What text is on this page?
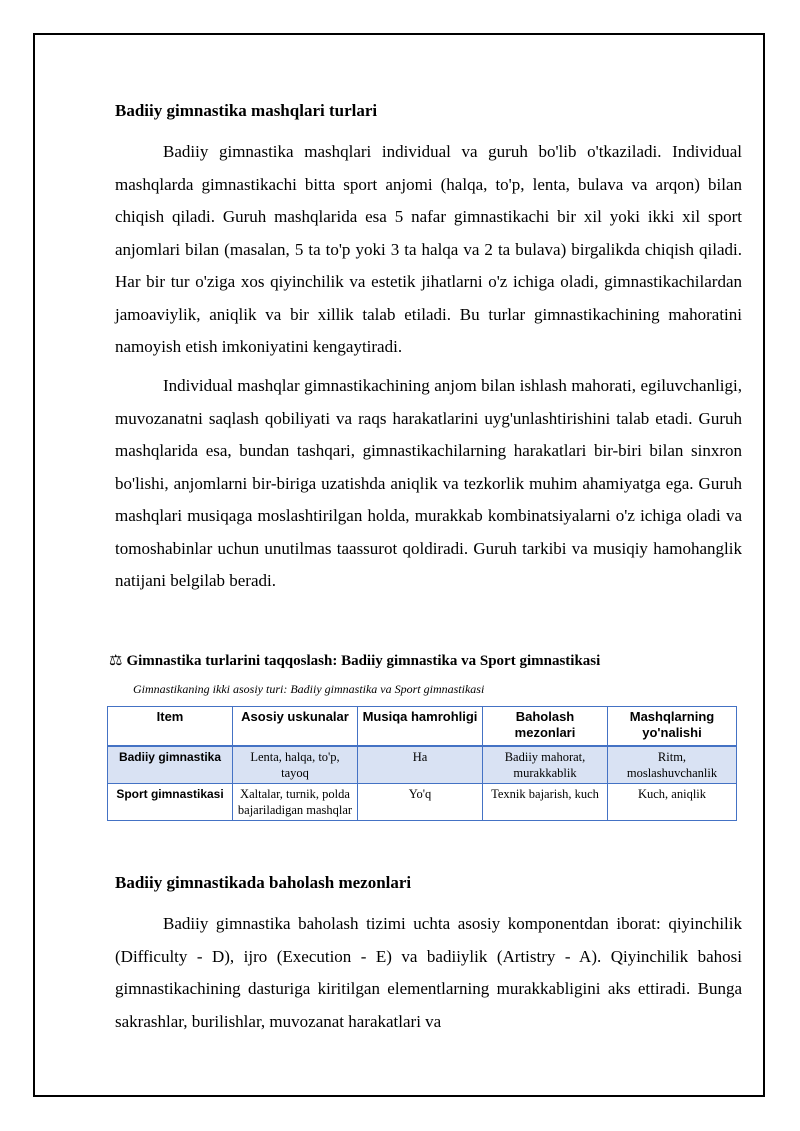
Badiiy gimnastika mashqlari turlari

Badiiy gimnastika mashqlari individual va guruh bo'lib o'tkaziladi. Individual mashqlarda gimnastikachi bitta sport anjomi (halqa, to'p, lenta, bulava va arqon) bilan chiqish qiladi. Guruh mashqlarida esa 5 nafar gimnastikachi bir xil yoki ikki xil sport anjomlari bilan (masalan, 5 ta to'p yoki 3 ta halqa va 2 ta bulava) birgalikda chiqish qiladi. Har bir tur o'ziga xos qiyinchilik va estetik jihatlarni o'z ichiga oladi, gimnastikachilardan jamoaviylik, aniqlik va bir xillik talab etiladi. Bu turlar gimnastikachining mahoratini namoyish etish imkoniyatini kengaytiradi.

Individual mashqlar gimnastikachining anjom bilan ishlash mahorati, egiluvchanligi, muvozanatni saqlash qobiliyati va raqs harakatlarini uyg'unlashtirishini talab etadi. Guruh mashqlarida esa, bundan tashqari, gimnastikachilarning harakatlari bir-biri bilan sinxron bo'lishi, anjomlarni bir-biriga uzatishda aniqlik va tezkorlik muhim ahamiyatga ega. Guruh mashqlari musiqaga moslashtirilgan holda, murakkab kombinatsiyalarni o'z ichiga oladi va tomoshabinlar uchun unutilmas taassurot qoldiradi. Guruh tarkibi va musiqiy hamohanglik natijani belgilab beradi.

⚖ Gimnastika turlarini taqqoslash: Badiiy gimnastika va Sport gimnastikasi
Gimnastikaning ikki asosiy turi: Badiiy gimnastika va Sport gimnastikasi
Item	Asosiy uskunalar	Musiqa hamrohligi	Baholash mezonlari	Mashqlarning yo'nalishi
Badiiy gimnastika	Lenta, halqa, to'p, tayoq	Ha	Badiiy mahorat, murakkablik	Ritm, moslashuvchanlik
Sport gimnastikasi	Xaltalar, turnik, polda bajariladigan mashqlar	Yo'q	Texnik bajarish, kuch	Kuch, aniqlik
Badiiy gimnastikada baholash mezonlari

Badiiy gimnastika baholash tizimi uchta asosiy komponentdan iborat: qiyinchilik (Difficulty - D), ijro (Execution - E) va badiiylik (Artistry - A). Qiyinchilik bahosi gimnastikachining dasturiga kiritilgan elementlarning murakkabligini aks ettiradi. Bunga sakrashlar, burilishlar, muvozanat harakatlari va
